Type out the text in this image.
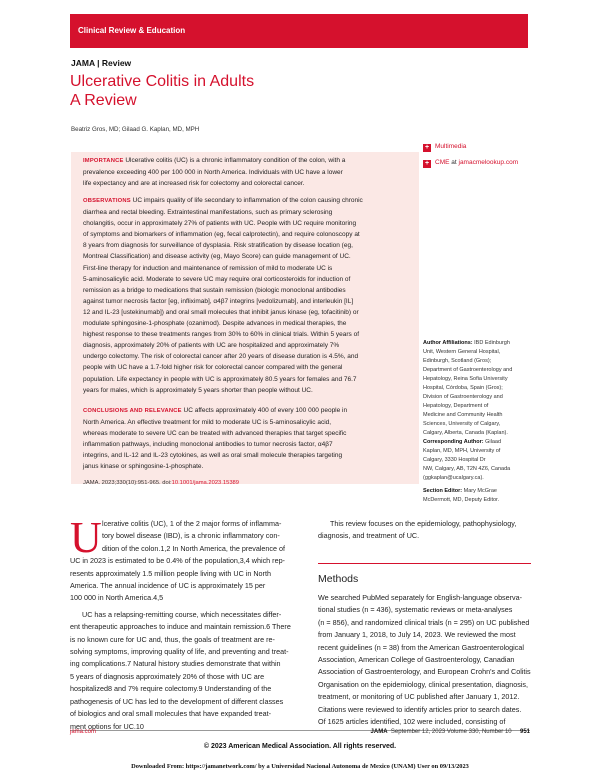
Clinical Review & Education
JAMA | Review
Ulcerative Colitis in Adults
A Review
Beatriz Gros, MD; Gilaad G. Kaplan, MD, MPH
+ Multimedia
+ CME at jamacmelookup.com

IMPORTANCE Ulcerative colitis (UC) is a chronic inflammatory condition of the colon, with a
prevalence exceeding 400 per 100 000 in North America. Individuals with UC have a lower
life expectancy and are at increased risk for colectomy and colorectal cancer.

OBSERVATIONS UC impairs quality of life secondary to inflammation of the colon causing chronic
diarrhea and rectal bleeding. Extraintestinal manifestations, such as primary sclerosing
cholangitis, occur in approximately 27% of patients with UC. People with UC require monitoring
of symptoms and biomarkers of inflammation (eg, fecal calprotectin), and require colonoscopy at
8 years from diagnosis for surveillance of dysplasia. Risk stratification by disease location (eg,
Montreal Classification) and disease activity (eg, Mayo Score) can guide management of UC.
First-line therapy for induction and maintenance of remission of mild to moderate UC is
5-aminosalicylic acid. Moderate to severe UC may require oral corticosteroids for induction of
remission as a bridge to medications that sustain remission (biologic monoclonal antibodies
against tumor necrosis factor [eg, infliximab], α4β7 integrins [vedolizumab], and interleukin [IL]
12 and IL-23 [ustekinumab]) and oral small molecules that inhibit janus kinase (eg, tofacitinib) or
modulate sphingosine-1-phosphate (ozanimod). Despite advances in medical therapies, the
highest response to these treatments ranges from 30% to 60% in clinical trials. Within 5 years of
diagnosis, approximately 20% of patients with UC are hospitalized and approximately 7%
undergo colectomy. The risk of colorectal cancer after 20 years of disease duration is 4.5%, and
people with UC have a 1.7-fold higher risk for colorectal cancer compared with the general
population. Life expectancy in people with UC is approximately 80.5 years for females and 76.7
years for males, which is approximately 5 years shorter than people without UC.

CONCLUSIONS AND RELEVANCE UC affects approximately 400 of every 100 000 people in
North America. An effective treatment for mild to moderate UC is 5-aminosalicylic acid,
whereas moderate to severe UC can be treated with advanced therapies that target specific
inflammation pathways, including monoclonal antibodies to tumor necrosis factor, α4β7
integrins, and IL-12 and IL-23 cytokines, as well as oral small molecule therapies targeting
janus kinase or sphingosine-1-phosphate.

JAMA. 2023;330(10):951-965. doi:10.1001/jama.2023.15389
Author Affiliations: IBD Edinburgh
Unit, Western General Hospital,
Edinburgh, Scotland (Gros);
Department of Gastroenterology and
Hepatology, Reina Sofia University
Hospital, Córdoba, Spain (Gros);
Division of Gastroenterology and
Hepatology, Department of
Medicine and Community Health
Sciences, University of Calgary,
Calgary, Alberta, Canada (Kaplan).
Corresponding Author: Gilaad
Kaplan, MD, MPH, University of
Calgary, 3330 Hospital Dr
NW, Calgary, AB, T2N 4Z6, Canada
(ggkaplan@ucalgary.ca).

Section Editor: Mary McGrae
McDermott, MD, Deputy Editor.
U lcerative colitis (UC), 1 of the 2 major forms of inflamma-
tory bowel disease (IBD), is a chronic inflammatory con-
dition of the colon.1,2 In North America, the prevalence of
UC in 2023 is estimated to be 0.4% of the population,3,4 which rep-
resents approximately 1.5 million people living with UC in North
America. The annual incidence of UC is approximately 15 per
100 000 in North America.4,5

UC has a relapsing-remitting course, which necessitates differ-
ent therapeutic approaches to induce and maintain remission.6 There
is no known cure for UC and, thus, the goals of treatment are re-
solving symptoms, improving quality of life, and preventing and treat-
ing complications.7 Natural history studies demonstrate that within
5 years of diagnosis approximately 20% of those with UC are
hospitalized8 and 7% require colectomy.9 Understanding of the
pathogenesis of UC has led to the development of different classes
of biologics and oral small molecules that have expanded treat-
ment options for UC.10
This review focuses on the epidemiology, pathophysiology,
diagnosis, and treatment of UC.
Methods
We searched PubMed separately for English-language observa-
tional studies (n = 436), systematic reviews or meta-analyses
(n = 856), and randomized clinical trials (n = 295) on UC published
from January 1, 2018, to July 14, 2023. We reviewed the most
recent guidelines (n = 38) from the American Gastroenterological
Association, American College of Gastroenterology, Canadian
Association of Gastroenterology, and European Crohn's and Colitis
Organisation on the epidemiology, clinical presentation, diagnosis,
treatment, or monitoring of UC published after January 1, 2012.
Citations were reviewed to identify articles prior to search dates.
Of 1625 articles identified, 102 were included, consisting of
jama.com	JAMA September 12, 2023 Volume 330, Number 10 951
© 2023 American Medical Association. All rights reserved.
Downloaded From: https://jamanetwork.com/ by a Universidad Nacional Autonoma de Mexico (UNAM) User on 09/13/2023
